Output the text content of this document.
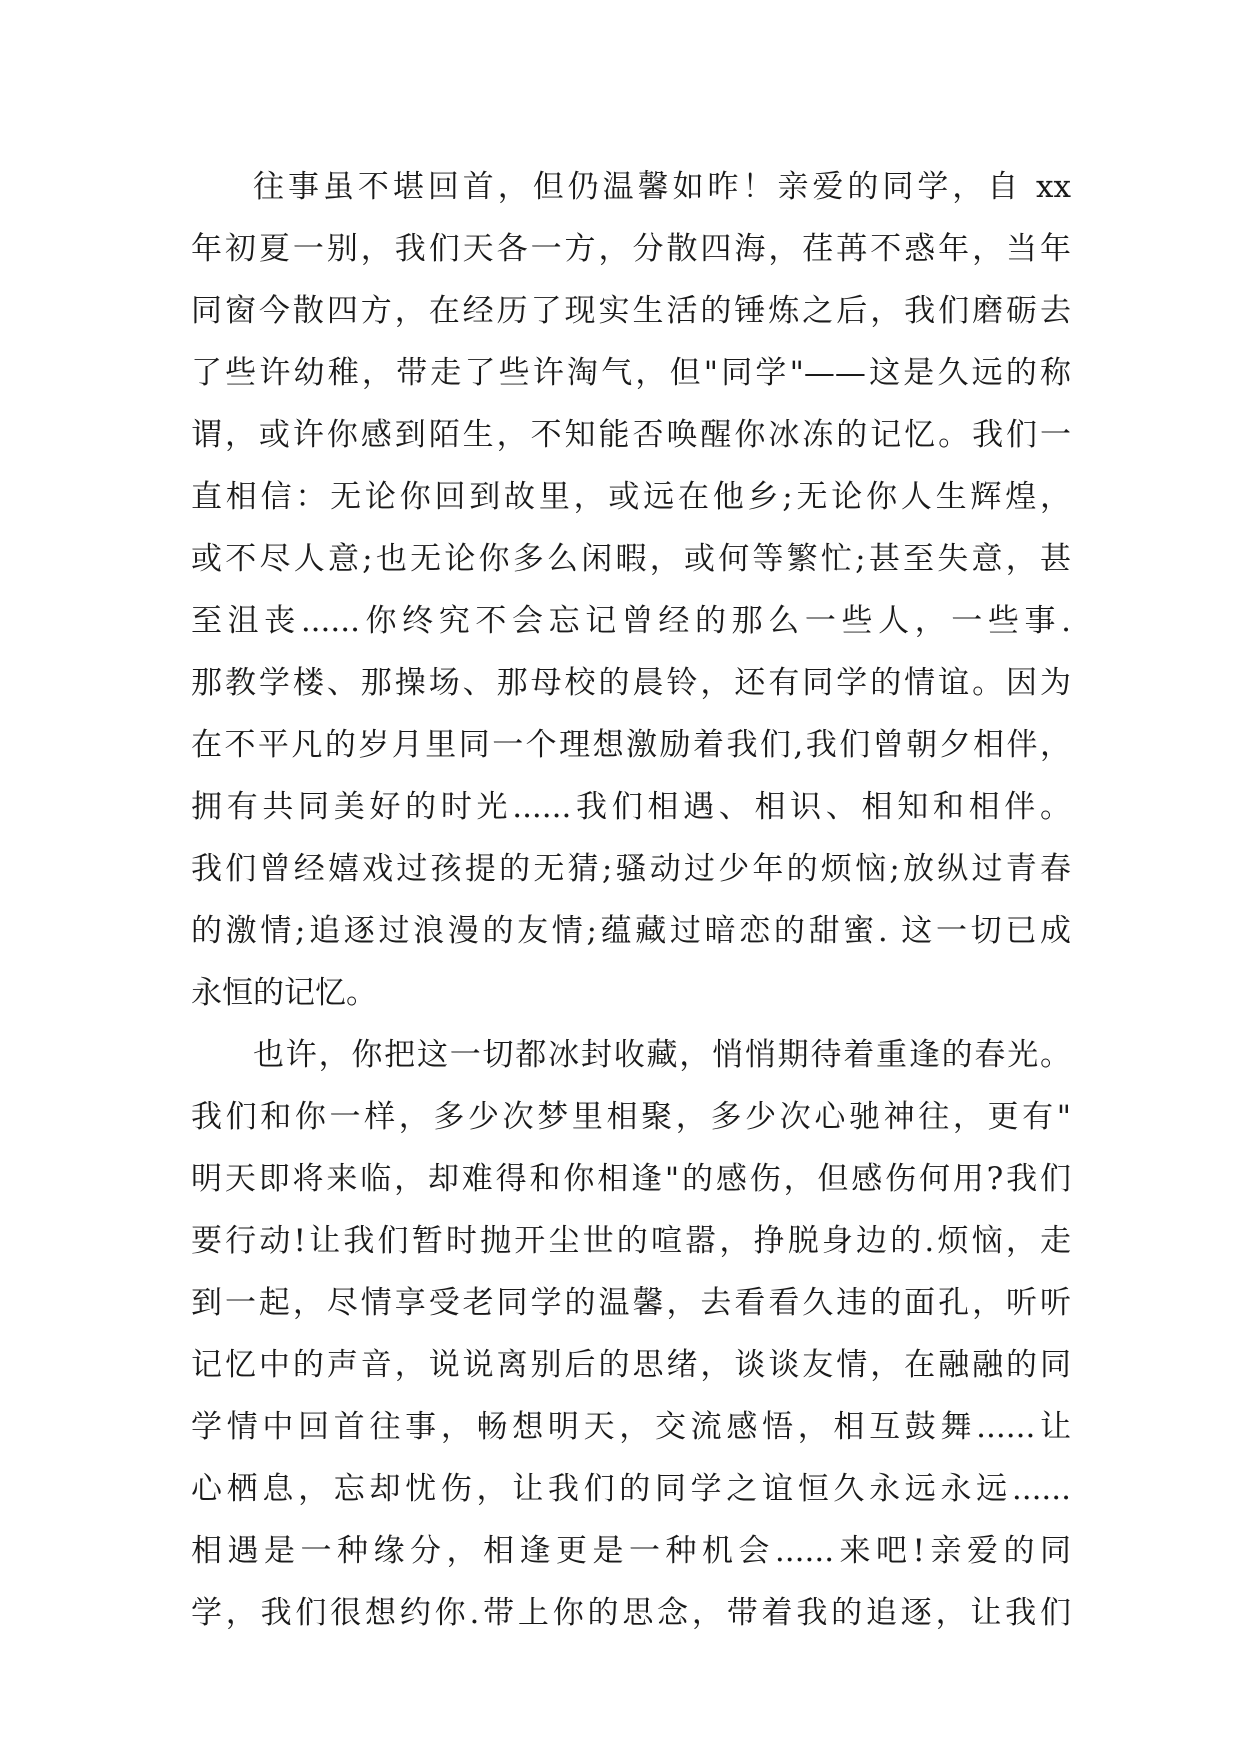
往事虽不堪回首，但仍温馨如昨！亲爱的同学，自 xx
年初夏一别，我们天各一方，分散四海，荏苒不惑年，当年
同窗今散四方，在经历了现实生活的锤炼之后，我们磨砺去
了些许幼稚，带走了些许淘气，但"同学"——这是久远的称
谓，或许你感到陌生，不知能否唤醒你冰冻的记忆。我们一
直相信：无论你回到故里，或远在他乡;无论你人生辉煌，
或不尽人意;也无论你多么闲暇，或何等繁忙;甚至失意，甚
至沮丧......你终究不会忘记曾经的那么一些人，一些事.
那教学楼、那操场、那母校的晨铃，还有同学的情谊。因为
在不平凡的岁月里同一个理想激励着我们,我们曾朝夕相伴，
拥有共同美好的时光......我们相遇、相识、相知和相伴。
我们曾经嬉戏过孩提的无猜;骚动过少年的烦恼;放纵过青春
的激情;追逐过浪漫的友情;蕴藏过暗恋的甜蜜. 这一切已成
永恒的记忆。
也许，你把这一切都冰封收藏，悄悄期待着重逢的春光。
我们和你一样，多少次梦里相聚，多少次心驰神往，更有"
明天即将来临，却难得和你相逢"的感伤，但感伤何用?我们
要行动!让我们暂时抛开尘世的喧嚣，挣脱身边的.烦恼，走
到一起，尽情享受老同学的温馨，去看看久违的面孔，听听
记忆中的声音，说说离别后的思绪，谈谈友情，在融融的同
学情中回首往事，畅想明天，交流感悟，相互鼓舞......让
心栖息，忘却忧伤，让我们的同学之谊恒久永远永远......
相遇是一种缘分，相逢更是一种机会......来吧!亲爱的同
学，我们很想约你.带上你的思念，带着我的追逐，让我们
